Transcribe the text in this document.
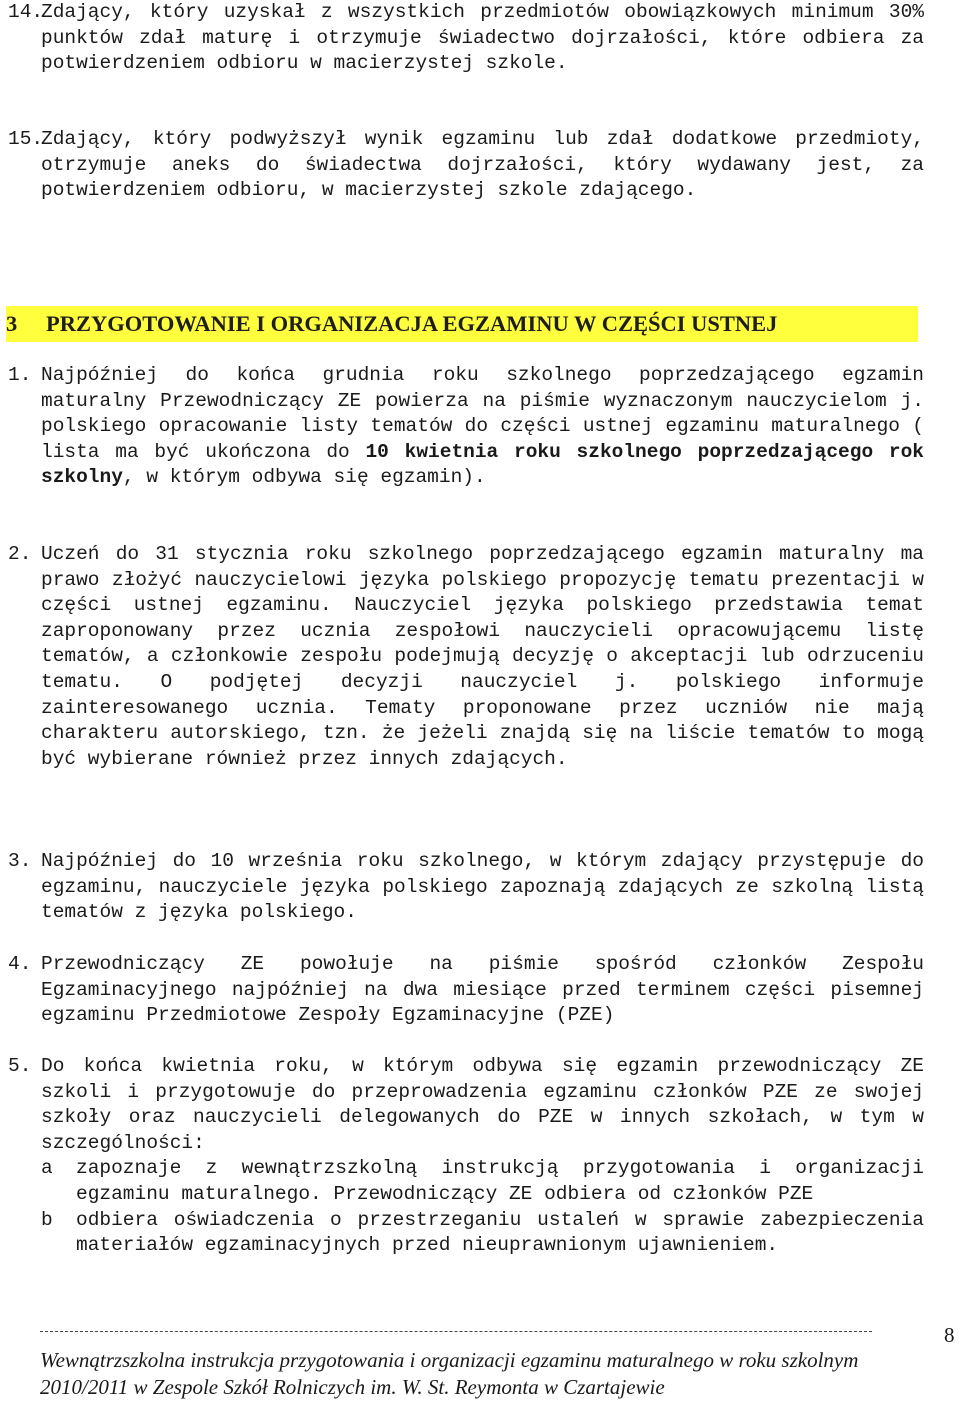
14.
Zdający, który uzyskał z wszystkich przedmiotów obowiązkowych minimum 30% punktów zdał maturę i otrzymuje świadectwo dojrzałości, które odbiera za potwierdzeniem odbioru w macierzystej szkole.
15.
Zdający, który podwyższył wynik egzaminu lub zdał dodatkowe przedmioty, otrzymuje aneks do świadectwa dojrzałości, który wydawany jest, za potwierdzeniem odbioru, w macierzystej szkole zdającego.
3 PRZYGOTOWANIE I ORGANIZACJA EGZAMINU W CZĘŚCI USTNEJ
1. Najpóźniej do końca grudnia roku szkolnego poprzedzającego egzamin maturalny Przewodniczący ZE powierza na piśmie wyznaczonym nauczycielom j. polskiego opracowanie listy tematów do części ustnej egzaminu maturalnego ( lista ma być ukończona do 10 kwietnia roku szkolnego poprzedzającego rok szkolny, w którym odbywa się egzamin).
2. Uczeń do 31 stycznia roku szkolnego poprzedzającego egzamin maturalny ma prawo złożyć nauczycielowi języka polskiego propozycję tematu prezentacji w części ustnej egzaminu. Nauczyciel języka polskiego przedstawia temat zaproponowany przez ucznia zespołowi nauczycieli opracowującemu listę tematów, a członkowie zespołu podejmują decyzję o akceptacji lub odrzuceniu tematu. O podjętej decyzji nauczyciel j. polskiego informuje zainteresowanego ucznia. Tematy proponowane przez uczniów nie mają charakteru autorskiego, tzn. że jeżeli znajdą się na liście tematów to mogą być wybierane również przez innych zdających.
3. Najpóźniej do 10 września roku szkolnego, w którym zdający przystępuje do egzaminu, nauczyciele języka polskiego zapoznają zdających ze szkolną listą tematów z języka polskiego.
4. Przewodniczący ZE powołuje na piśmie spośród członków Zespołu Egzaminacyjnego najpóźniej na dwa miesiące przed terminem części pisemnej egzaminu Przedmiotowe Zespoły Egzaminacyjne (PZE)
5. Do końca kwietnia roku, w którym odbywa się egzamin przewodniczący ZE szkoli i przygotowuje do przeprowadzenia egzaminu członków PZE ze swojej szkoły oraz nauczycieli delegowanych do PZE w innych szkołach, w tym w szczególności:
a zapoznaje z wewnątrzszkolną instrukcją przygotowania i organizacji egzaminu maturalnego. Przewodniczący ZE odbiera od członków PZE
b odbiera oświadczenia o przestrzeganiu ustaleń w sprawie zabezpieczenia materiałów egzaminacyjnych przed nieuprawnionym ujawnieniem.
8
Wewnątrzszkolna instrukcja przygotowania i organizacji egzaminu maturalnego w roku szkolnym
2010/2011 w Zespole Szkół Rolniczych im. W. St. Reymonta w Czartajewie
